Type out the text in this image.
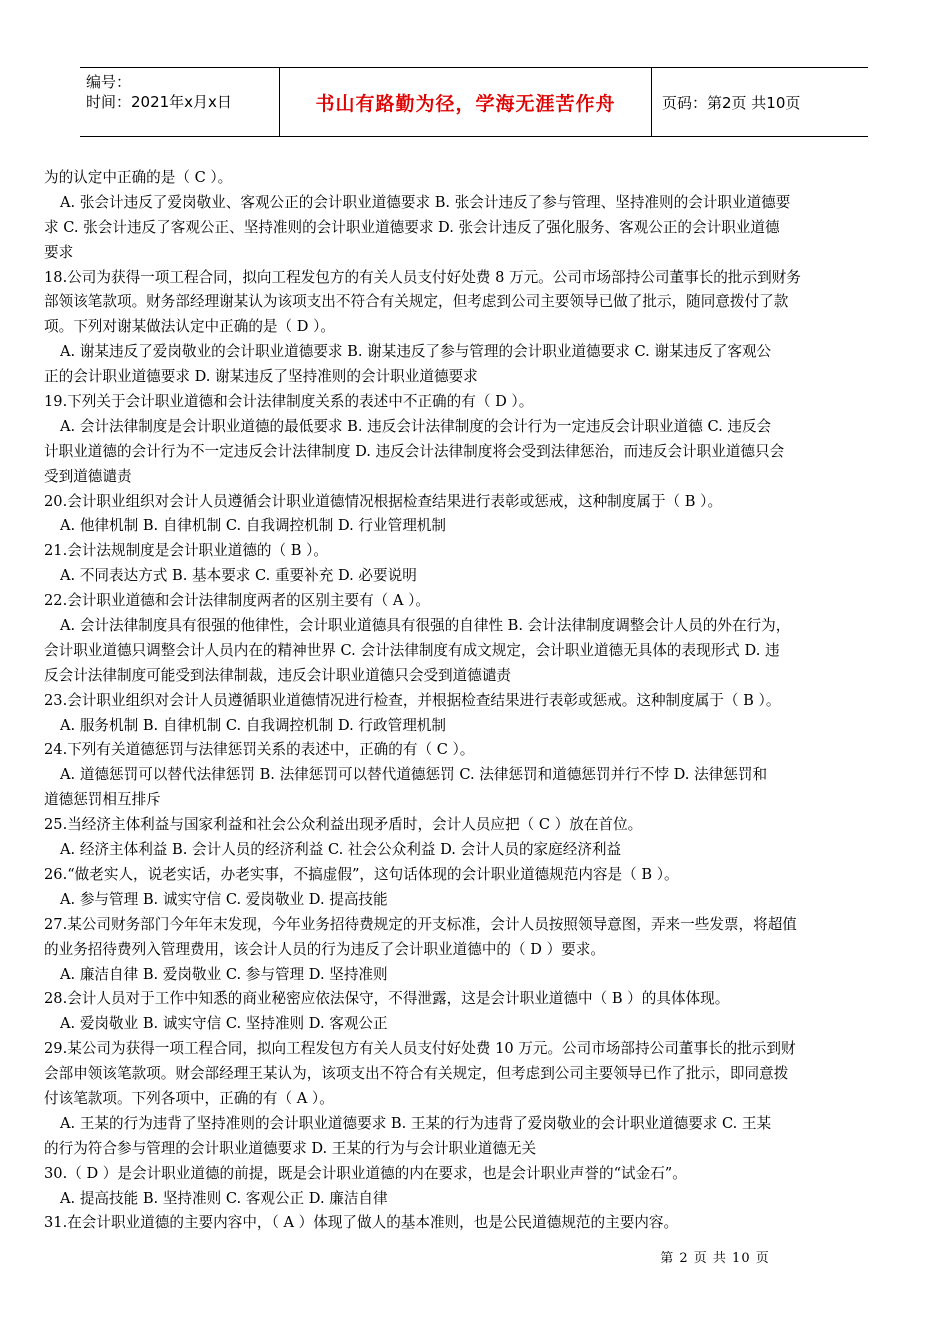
编号：
时间：2021年x月x日	书山有路勤为径，学海无涯苦作舟	页码：第2页 共10页
为的认定中正确的是（ C ）。
A. 张会计违反了爱岗敬业、客观公正的会计职业道德要求 B. 张会计违反了参与管理、坚持准则的会计职业道德要
求 C. 张会计违反了客观公正、坚持准则的会计职业道德要求 D. 张会计违反了强化服务、客观公正的会计职业道德
要求
18.公司为获得一项工程合同，拟向工程发包方的有关人员支付好处费 8 万元。公司市场部持公司董事长的批示到财务
部领该笔款项。财务部经理谢某认为该项支出不符合有关规定，但考虑到公司主要领导已做了批示，随同意拨付了款
项。下列对谢某做法认定中正确的是（ D ）。
A. 谢某违反了爱岗敬业的会计职业道德要求 B. 谢某违反了参与管理的会计职业道德要求 C. 谢某违反了客观公
正的会计职业道德要求 D. 谢某违反了坚持准则的会计职业道德要求
19.下列关于会计职业道德和会计法律制度关系的表述中不正确的有（ D ）。
A. 会计法律制度是会计职业道德的最低要求 B. 违反会计法律制度的会计行为一定违反会计职业道德 C. 违反会
计职业道德的会计行为不一定违反会计法律制度 D. 违反会计法律制度将会受到法律惩治，而违反会计职业道德只会
受到道德谴责
20.会计职业组织对会计人员遵循会计职业道德情况根据检查结果进行表彰或惩戒，这种制度属于（ B ）。
A. 他律机制 B. 自律机制 C. 自我调控机制 D. 行业管理机制
21.会计法规制度是会计职业道德的（ B ）。
A. 不同表达方式 B. 基本要求 C. 重要补充 D. 必要说明
22.会计职业道德和会计法律制度两者的区别主要有（ A ）。
A. 会计法律制度具有很强的他律性，会计职业道德具有很强的自律性 B. 会计法律制度调整会计人员的外在行为，
会计职业道德只调整会计人员内在的精神世界 C. 会计法律制度有成文规定，会计职业道德无具体的表现形式 D. 违
反会计法律制度可能受到法律制裁，违反会计职业道德只会受到道德谴责
23.会计职业组织对会计人员遵循职业道德情况进行检查，并根据检查结果进行表彰或惩戒。这种制度属于（ B ）。
A. 服务机制 B. 自律机制 C. 自我调控机制 D. 行政管理机制
24.下列有关道德惩罚与法律惩罚关系的表述中，正确的有（ C ）。
A. 道德惩罚可以替代法律惩罚 B. 法律惩罚可以替代道德惩罚 C. 法律惩罚和道德惩罚并行不悖 D. 法律惩罚和
道德惩罚相互排斥
25.当经济主体利益与国家利益和社会公众利益出现矛盾时，会计人员应把（ C ）放在首位。
A. 经济主体利益 B. 会计人员的经济利益 C. 社会公众利益 D. 会计人员的家庭经济利益
26.“做老实人，说老实话，办老实事，不搞虚假”，这句话体现的会计职业道德规范内容是（ B ）。
A. 参与管理 B. 诚实守信 C. 爱岗敬业 D. 提高技能
27.某公司财务部门今年年末发现，今年业务招待费规定的开支标准，会计人员按照领导意图，弄来一些发票，将超值
的业务招待费列入管理费用，该会计人员的行为违反了会计职业道德中的（ D ）要求。
A. 廉洁自律 B. 爱岗敬业 C. 参与管理 D. 坚持准则
28.会计人员对于工作中知悉的商业秘密应依法保守，不得泄露，这是会计职业道德中（ B ）的具体体现。
A. 爱岗敬业 B. 诚实守信 C. 坚持准则 D. 客观公正
29.某公司为获得一项工程合同，拟向工程发包方有关人员支付好处费 10 万元。公司市场部持公司董事长的批示到财
会部申领该笔款项。财会部经理王某认为，该项支出不符合有关规定，但考虑到公司主要领导已作了批示，即同意拨
付该笔款项。下列各项中，正确的有（ A ）。
A. 王某的行为违背了坚持准则的会计职业道德要求 B. 王某的行为违背了爱岗敬业的会计职业道德要求 C. 王某
的行为符合参与管理的会计职业道德要求 D. 王某的行为与会计职业道德无关
30.（ D ）是会计职业道德的前提，既是会计职业道德的内在要求，也是会计职业声誉的“试金石”。
A. 提高技能 B. 坚持准则 C. 客观公正 D. 廉洁自律
31.在会计职业道德的主要内容中，（ A ）体现了做人的基本准则，也是公民道德规范的主要内容。
第 2 页 共 10 页
